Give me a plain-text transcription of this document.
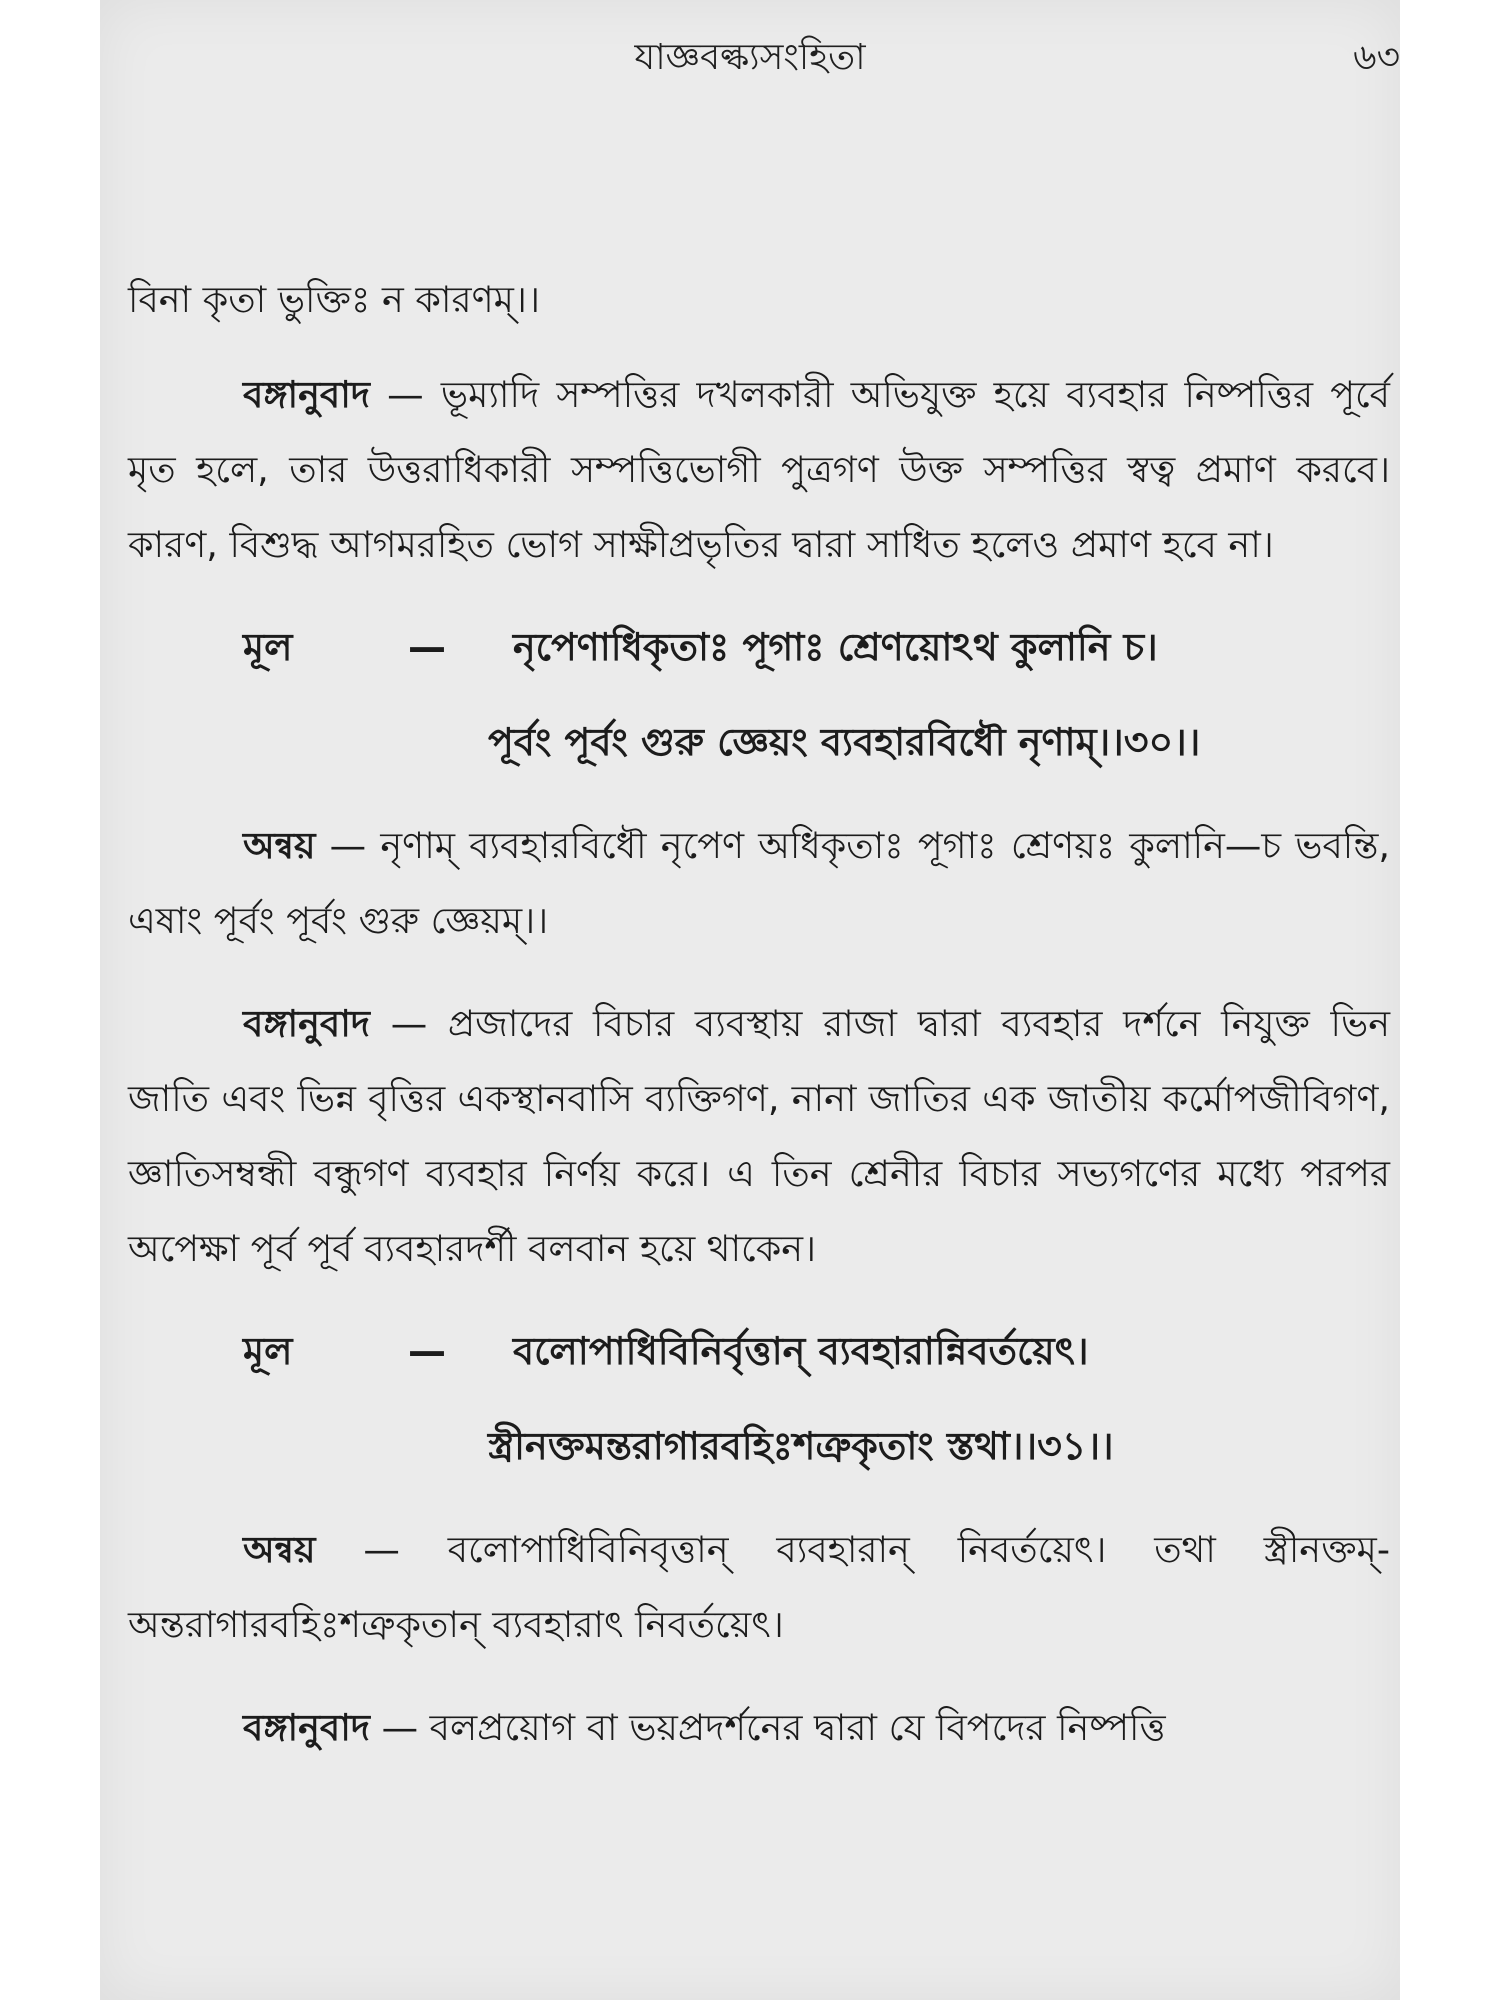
যাজ্ঞবল্ক্যসংহিতা	৬৩

বিনা কৃতা ভুক্তিঃ ন কারণম্।।

বঙ্গানুবাদ — ভূম্যাদি সম্পত্তির দখলকারী অভিযুক্ত হয়ে ব্যবহার নিষ্পত্তির পূর্বে মৃত হলে, তার উত্তরাধিকারী সম্পত্তিভোগী পুত্রগণ উক্ত সম্পত্তির স্বত্ব প্রমাণ করবে। কারণ, বিশুদ্ধ আগমরহিত ভোগ সাক্ষীপ্রভৃতির দ্বারা সাধিত হলেও প্রমাণ হবে না।

মূল	— নৃপেণাধিকৃতাঃ পূগাঃ শ্রেণয়োঽথ কুলানি চ।
পূর্বং পূর্বং গুরু জ্ঞেয়ং ব্যবহারবিধৌ নৃণাম্।।৩০।।

অন্বয় — নৃণাম্ ব্যবহারবিধৌ নৃপেণ অধিকৃতাঃ পূগাঃ শ্রেণয়ঃ কুলানি—চ ভবন্তি, এষাং পূর্বং পূর্বং গুরু জ্ঞেয়ম্।।

বঙ্গানুবাদ — প্রজাদের বিচার ব্যবস্থায় রাজা দ্বারা ব্যবহার দর্শনে নিযুক্ত ভিন জাতি এবং ভিন্ন বৃত্তির একস্থানবাসি ব্যক্তিগণ, নানা জাতির এক জাতীয় কর্মোপজীবিগণ, জ্ঞাতিসম্বন্ধী বন্ধুগণ ব্যবহার নির্ণয় করে। এ তিন শ্রেনীর বিচার সভ্যগণের মধ্যে পরপর অপেক্ষা পূর্ব পূর্ব ব্যবহারদর্শী বলবান হয়ে থাকেন।

মূল	— বলোপাধিবিনির্বৃত্তান্ ব্যবহারান্নিবর্তয়েৎ।
স্ত্রীনক্তমন্তরাগারবহিঃশত্রুকৃতাং স্তথা।।৩১।।

অন্বয় — বলোপাধিবিনিবৃত্তান্ ব্যবহারান্ নিবর্তয়েৎ। তথা স্ত্রীনক্তম্-অন্তরাগারবহিঃশত্রুকৃতান্ ব্যবহারাৎ নিবর্তয়েৎ।

বঙ্গানুবাদ — বলপ্রয়োগ বা ভয়প্রদর্শনের দ্বারা যে বিপদের নিষ্পত্তি
